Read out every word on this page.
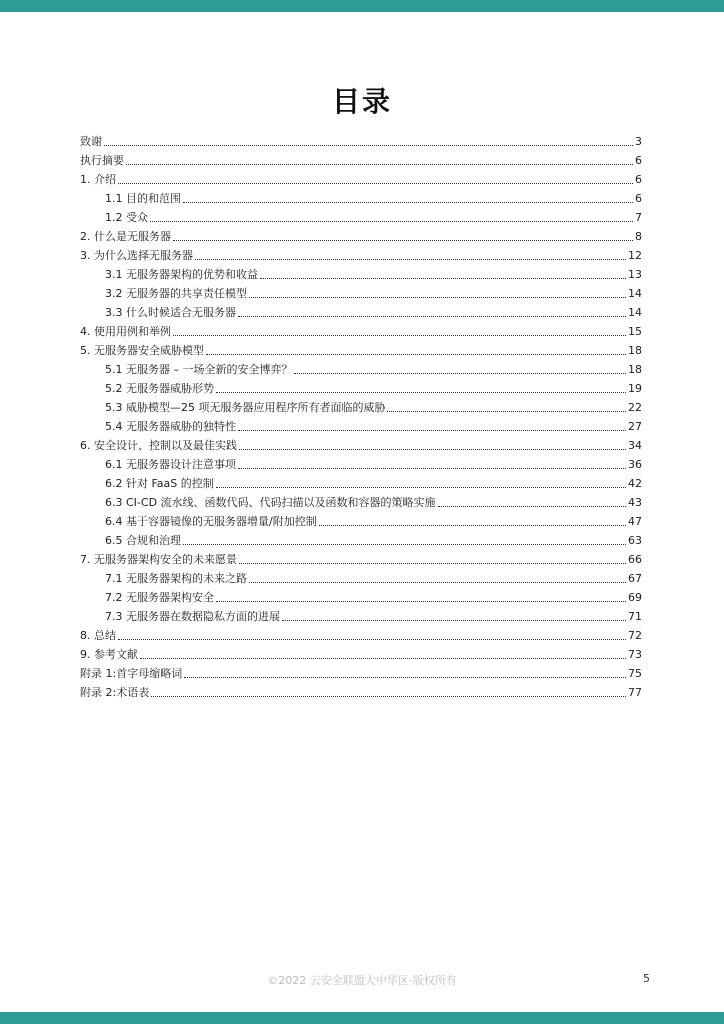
目录
致谢	3
执行摘要	6
1. 介绍	6
1.1 目的和范围	6
1.2 受众	7
2. 什么是无服务器	8
3. 为什么选择无服务器	12
3.1 无服务器架构的优势和收益	13
3.2 无服务器的共享责任模型	14
3.3 什么时候适合无服务器	14
4. 使用用例和举例	15
5. 无服务器安全威胁模型	18
5.1 无服务器 – 一场全新的安全博弈？	18
5.2 无服务器威胁形势	19
5.3 威胁模型—25 项无服务器应用程序所有者面临的威胁	22
5.4 无服务器威胁的独特性	27
6. 安全设计、控制以及最佳实践	34
6.1 无服务器设计注意事项	36
6.2 针对 FaaS 的控制	42
6.3 CI-CD 流水线、函数代码、代码扫描以及函数和容器的策略实施	43
6.4 基于容器镜像的无服务器增量/附加控制	47
6.5 合规和治理	63
7. 无服务器架构安全的未来愿景	66
7.1 无服务器架构的未来之路	67
7.2 无服务器架构安全	69
7.3 无服务器在数据隐私方面的进展	71
8. 总结	72
9. 参考文献	73
附录 1:首字母缩略词	75
附录 2:术语表	77
©2022 云安全联盟大中华区-版权所有	5
